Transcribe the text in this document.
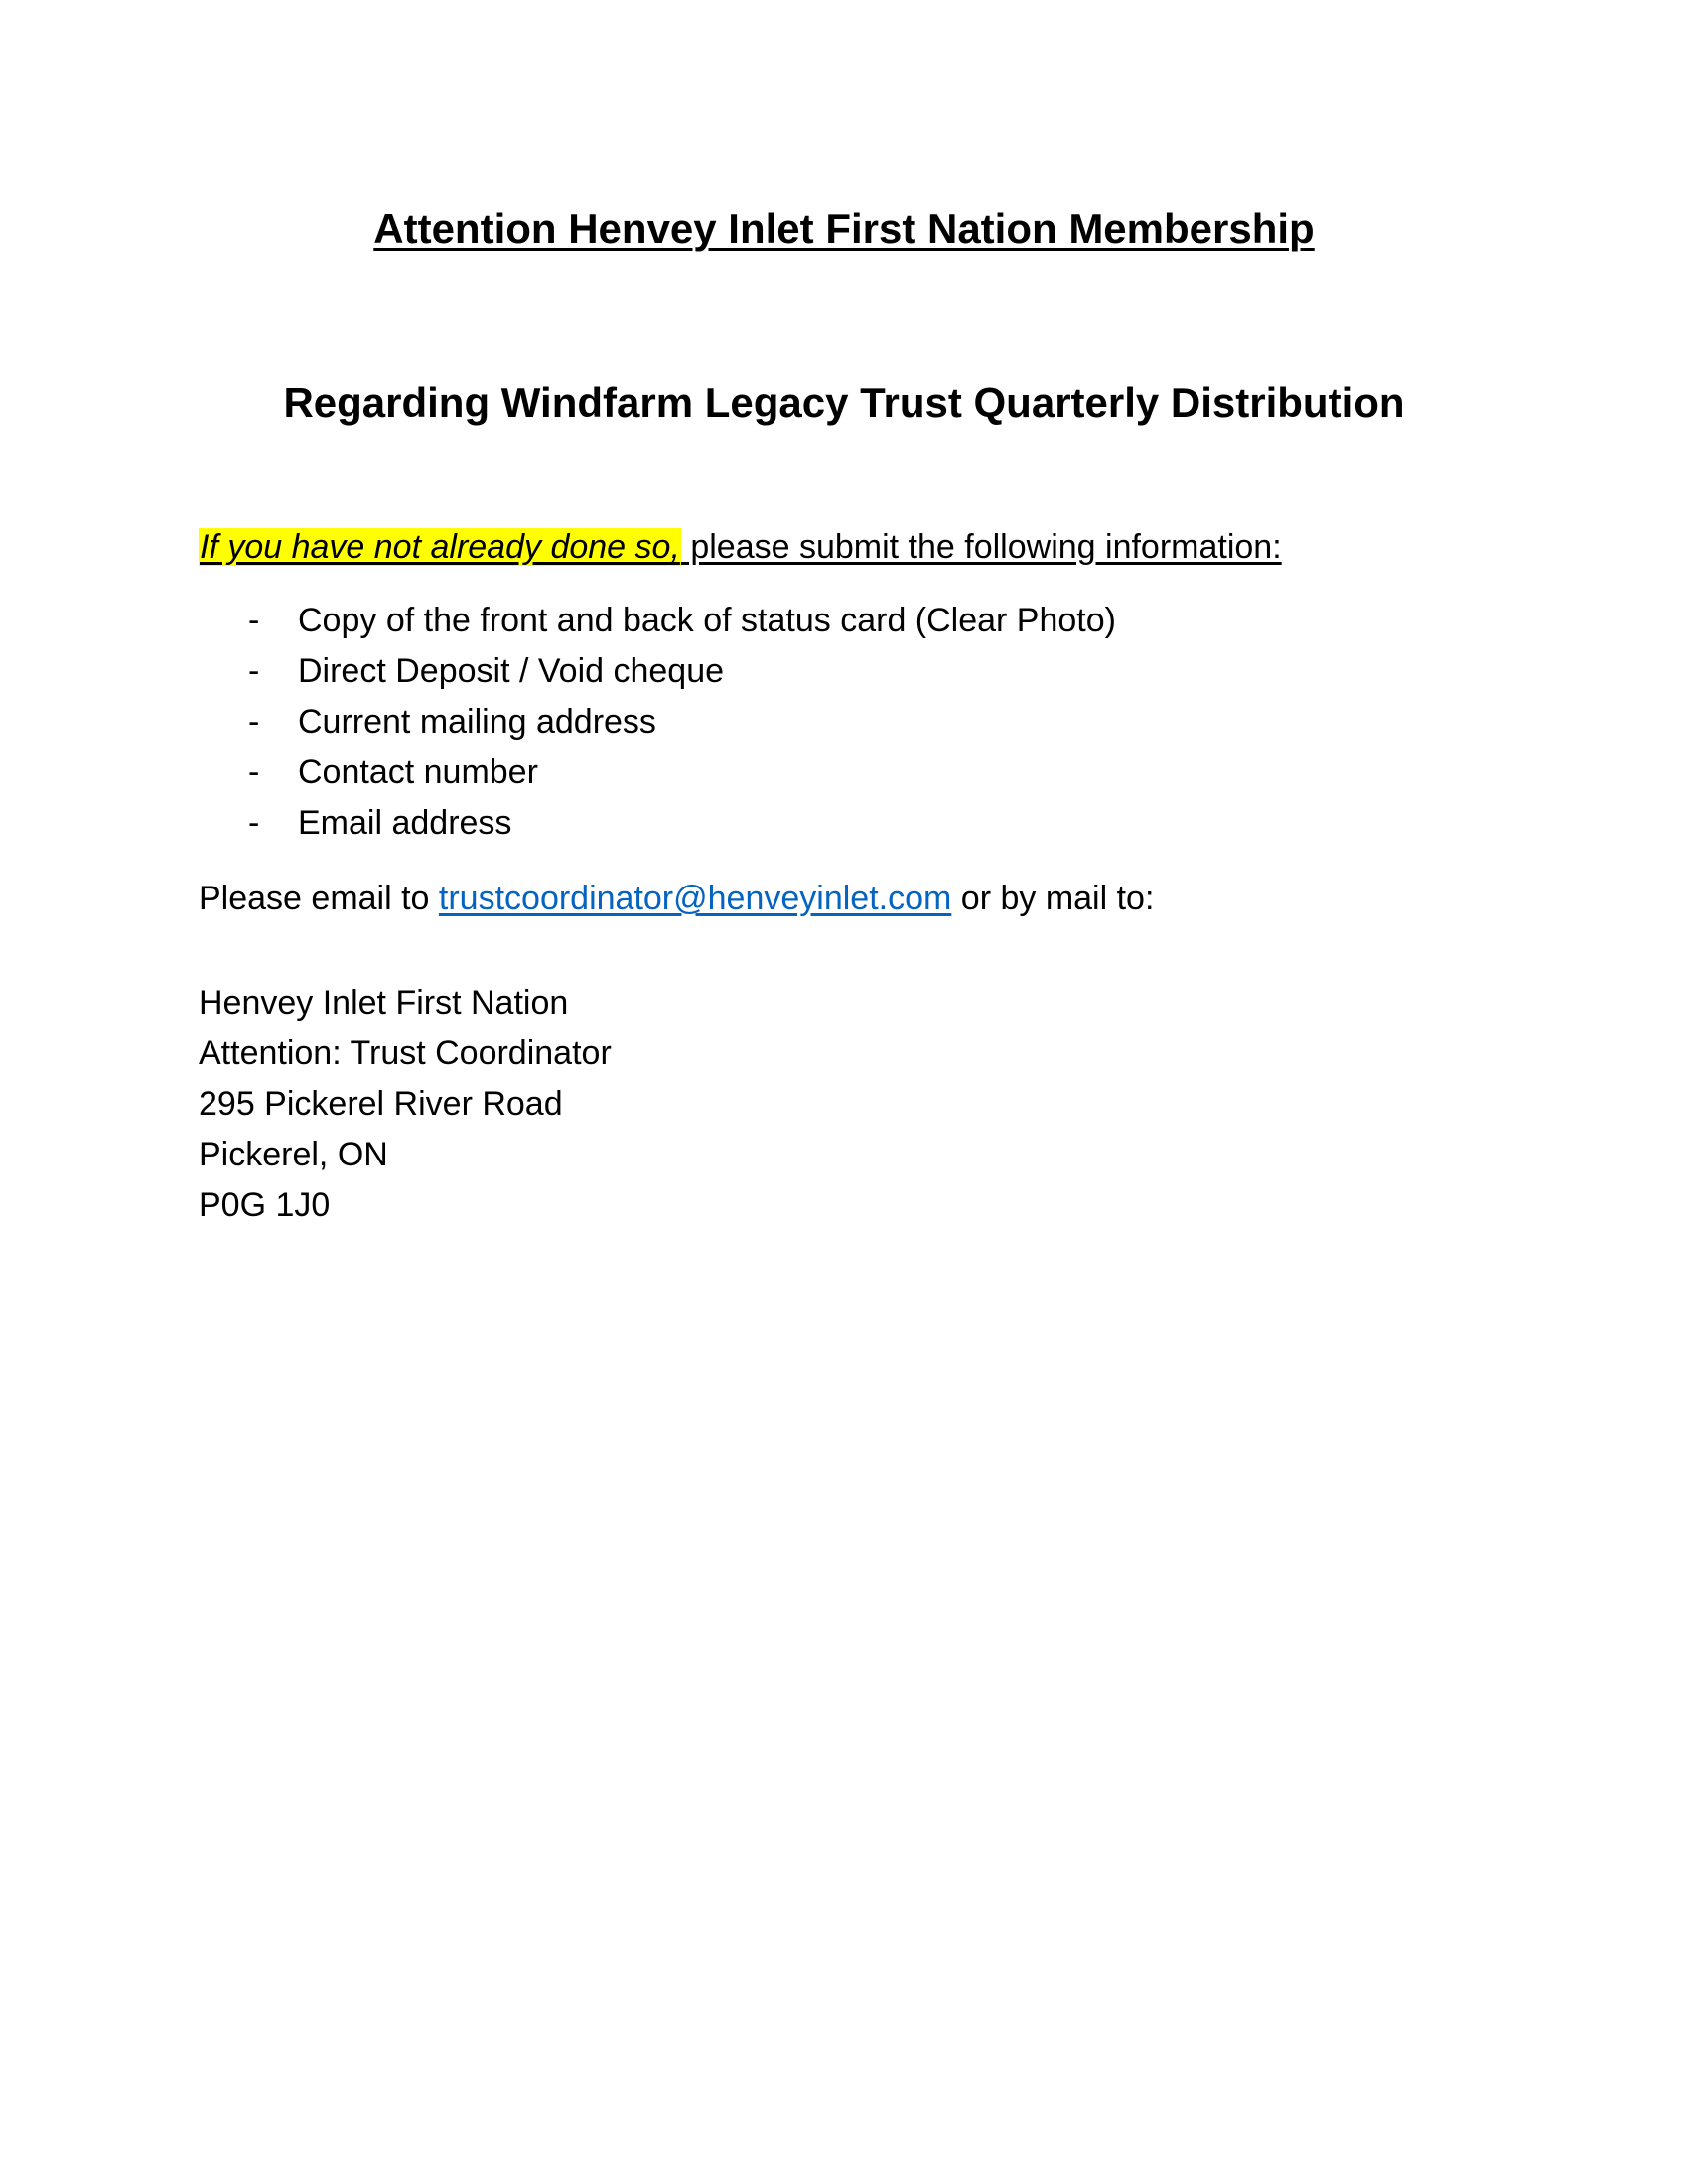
Attention Henvey Inlet First Nation Membership
Regarding Windfarm Legacy Trust Quarterly Distribution

If you have not already done so, please submit the following information:

- Copy of the front and back of status card (Clear Photo)
- Direct Deposit / Void cheque
- Current mailing address
- Contact number
- Email address

Please email to trustcoordinator@henveyinlet.com or by mail to:

Henvey Inlet First Nation
Attention: Trust Coordinator
295 Pickerel River Road
Pickerel, ON
P0G 1J0
